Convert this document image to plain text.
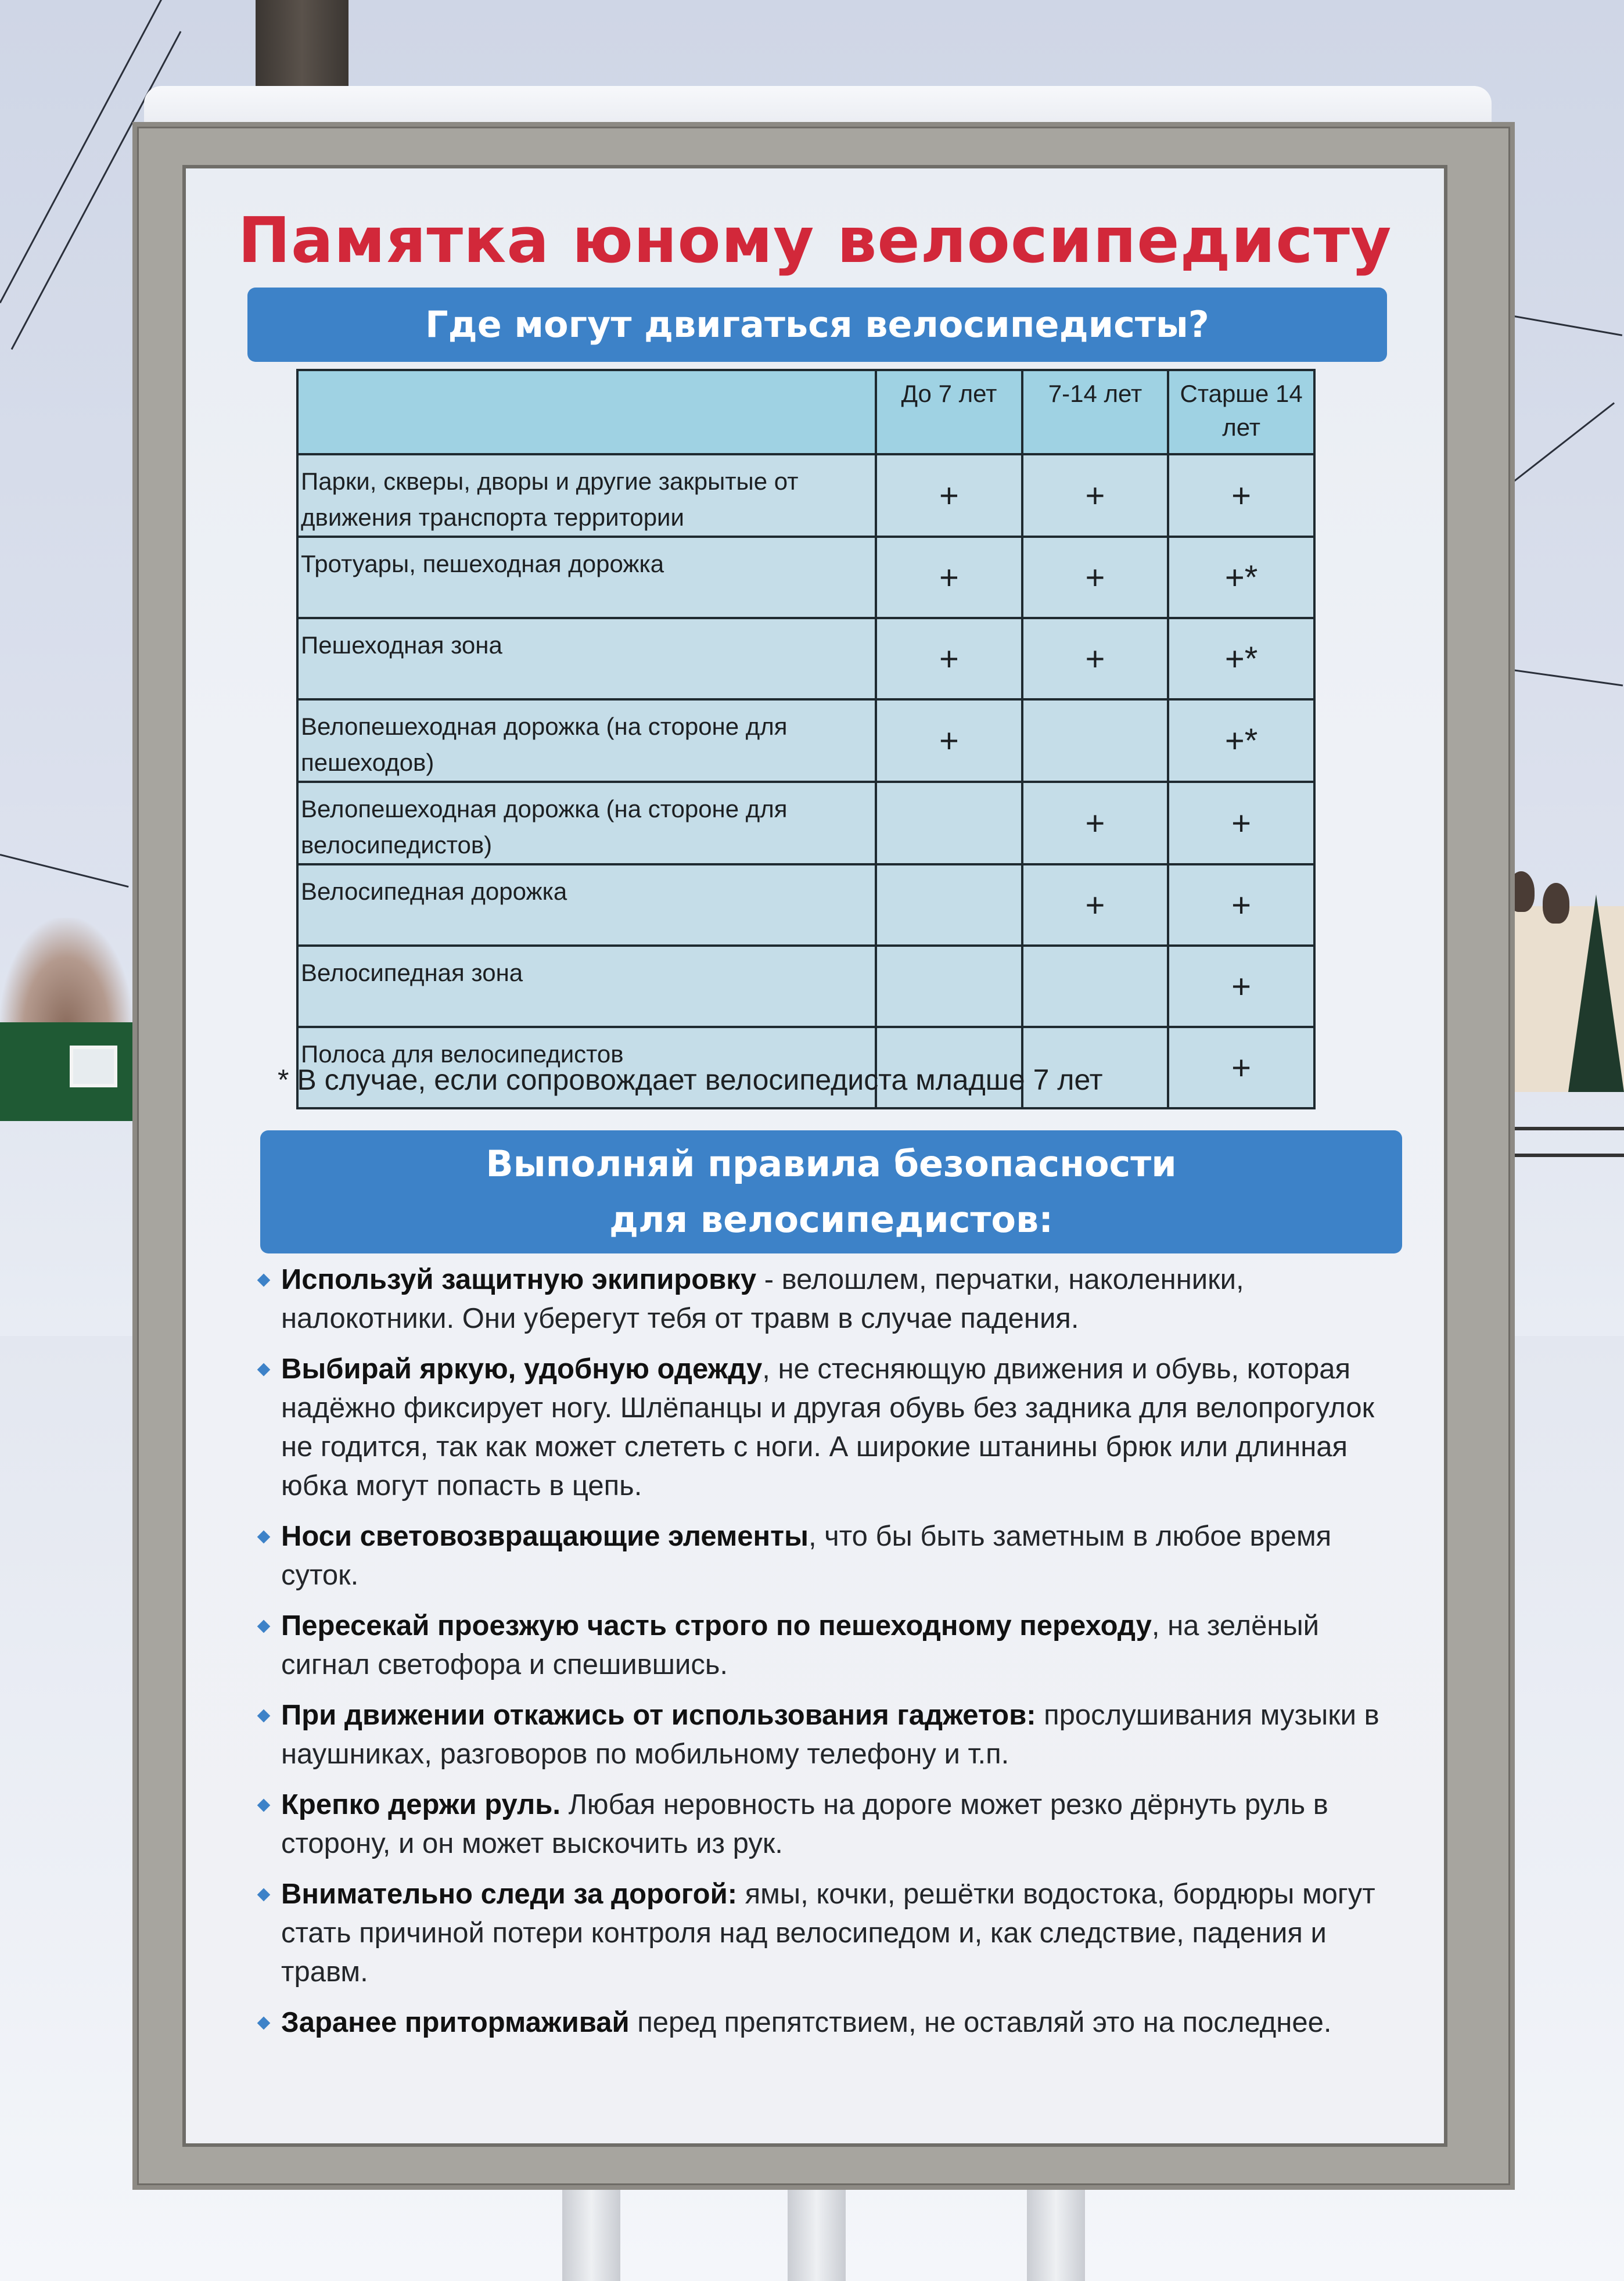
Памятка юному велосипедисту
Где могут двигаться велосипедисты?
	До 7 лет	7-14 лет	Старше 14 лет
Парки, скверы, дворы и другие закрытые от движения транспорта территории	+	+	+
Тротуары, пешеходная дорожка	+	+	+*
Пешеходная зона	+	+	+*
Велопешеходная дорожка (на стороне для пешеходов)	+		+*
Велопешеходная дорожка (на стороне для велосипедистов)		+	+
Велосипедная дорожка		+	+
Велосипедная зона			+
Полоса для велосипедистов			+
* В случае, если сопровождает велосипедиста младше 7 лет
Выполняй правила безопасности
для велосипедистов:
Используй защитную экипировку - велошлем, перчатки, наколенники, налокотники. Они уберегут тебя от травм в случае падения.
Выбирай яркую, удобную одежду, не стесняющую движения и обувь, которая надёжно фиксирует ногу. Шлёпанцы и другая обувь без задника для велопрогулок не годится, так как может слететь с ноги. А широкие штанины брюк или длинная юбка могут попасть в цепь.
Носи световозвращающие элементы, что бы быть заметным в любое время суток.
Пересекай проезжую часть строго по пешеходному переходу, на зелёный сигнал светофора и спешившись.
При движении откажись от использования гаджетов: прослушивания музыки в наушниках, разговоров по мобильному телефону и т.п.
Крепко держи руль. Любая неровность на дороге может резко дёрнуть руль в сторону, и он может выскочить из рук.
Внимательно следи за дорогой: ямы, кочки, решётки водостока, бордюры могут стать причиной потери контроля над велосипедом и, как следствие, падения и травм.
Заранее притормаживай перед препятствием, не оставляй это на последнее.
